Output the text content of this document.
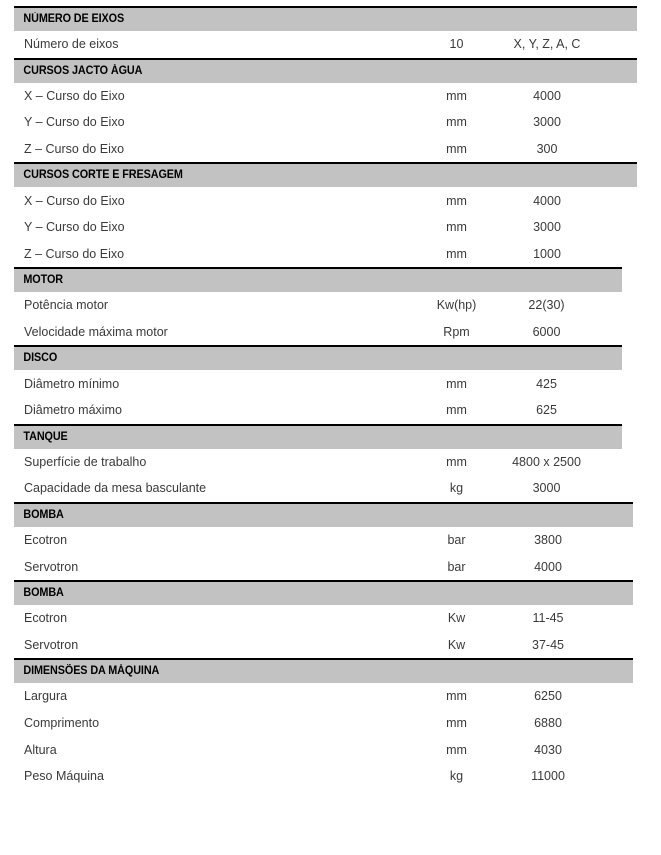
NÚMERO DE EIXOS
Número de eixos	10	X, Y, Z, A, C
CURSOS JACTO ÁGUA
X – Curso do Eixo	mm	4000
Y – Curso do Eixo	mm	3000
Z – Curso do Eixo	mm	300
CURSOS CORTE E FRESAGEM
X – Curso do Eixo	mm	4000
Y – Curso do Eixo	mm	3000
Z – Curso do Eixo	mm	1000
MOTOR
Potência motor	Kw(hp)	22(30)
Velocidade máxima motor	Rpm	6000
DISCO
Diâmetro mínimo	mm	425
Diâmetro máximo	mm	625
TANQUE
Superfície de trabalho	mm	4800 x 2500
Capacidade da mesa basculante	kg	3000
BOMBA
Ecotron	bar	3800
Servotron	bar	4000
BOMBA
Ecotron	Kw	11-45
Servotron	Kw	37-45
DIMENSÕES DA MÁQUINA
Largura	mm	6250
Comprimento	mm	6880
Altura	mm	4030
Peso Máquina	kg	11000
